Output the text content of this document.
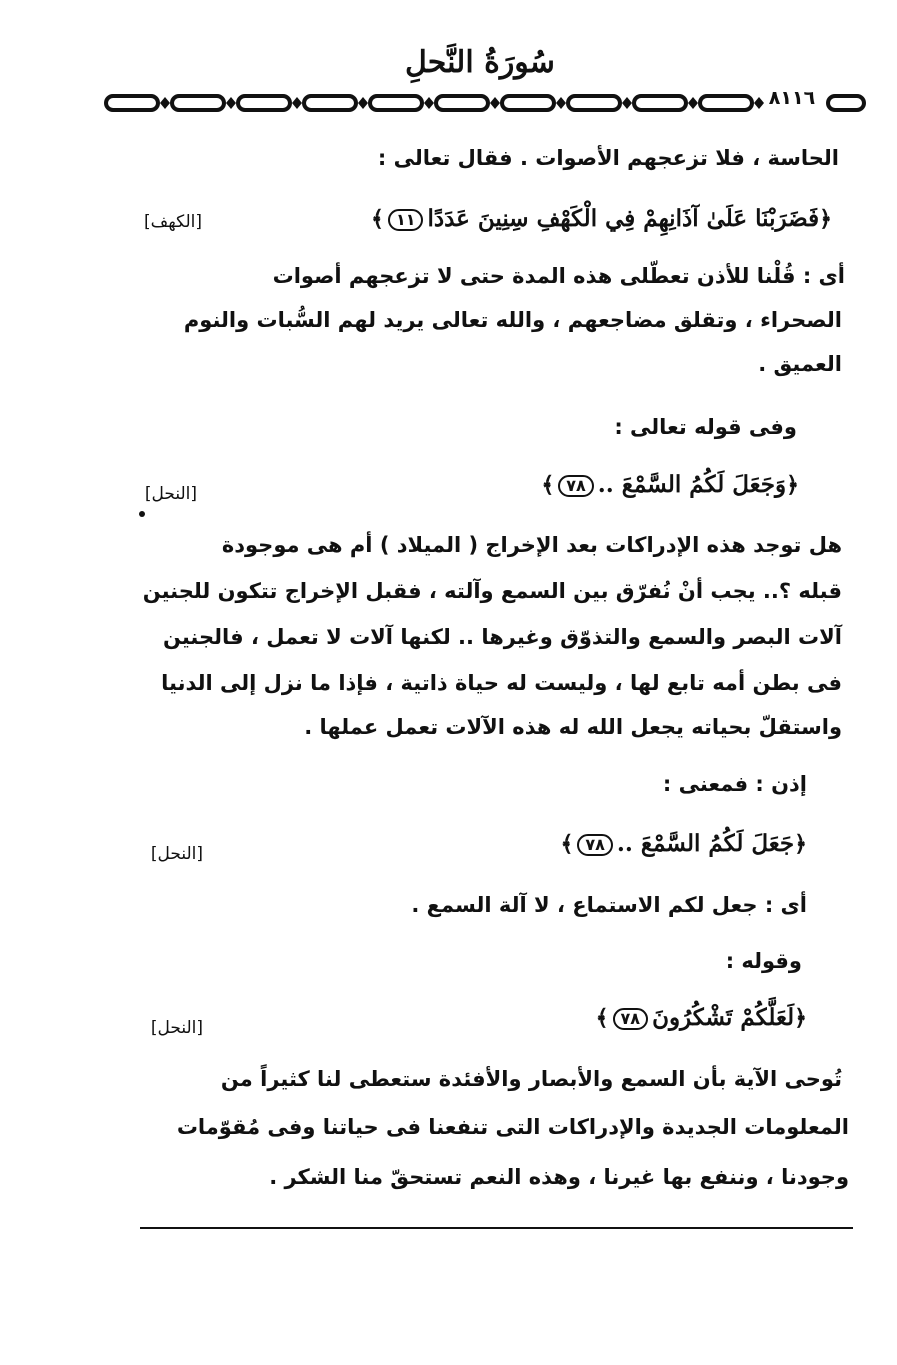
سُورَةُ النَّحلِ
٨١١٦
الحاسة ، فلا تزعجهم الأصوات . فقال تعالى :
﴿فَضَرَبْنَا عَلَىٰ آذَانِهِمْ فِي الْكَهْفِ سِنِينَ عَدَدًا١١﴾
[الكهف]
أى : قُلْنا للأذن تعطّلى هذه المدة حتى لا تزعجهم أصوات
الصحراء ، وتقلق مضاجعهم ، والله تعالى يريد لهم السُّبات والنوم
العميق .
وفى قوله تعالى :
﴿وَجَعَلَ لَكُمُ السَّمْعَ ..٧٨﴾
[النحل]
هل توجد هذه الإدراكات بعد الإخراج ( الميلاد ) أم هى موجودة
قبله ؟.. يجب أنْ نُفرّق بين السمع وآلته ، فقبل الإخراج تتكون للجنين
آلات البصر والسمع والتذوّق وغيرها .. لكنها آلات لا تعمل ، فالجنين
فى بطن أمه تابع لها ، وليست له حياة ذاتية ، فإذا ما نزل إلى الدنيا
واستقلّ بحياته يجعل الله له هذه الآلات تعمل عملها .
إذن : فمعنى :
﴿جَعَلَ لَكُمُ السَّمْعَ ..٧٨﴾
[النحل]
أى : جعل لكم الاستماع ، لا آلة السمع .
وقوله :
﴿لَعَلَّكُمْ تَشْكُرُونَ٧٨﴾
[النحل]
تُوحى الآية بأن السمع والأبصار والأفئدة ستعطى لنا كثيراً من
المعلومات الجديدة والإدراكات التى تنفعنا فى حياتنا وفى مُقوّمات
وجودنا ، وننفع بها غيرنا ، وهذه النعم تستحقّ منا الشكر .
